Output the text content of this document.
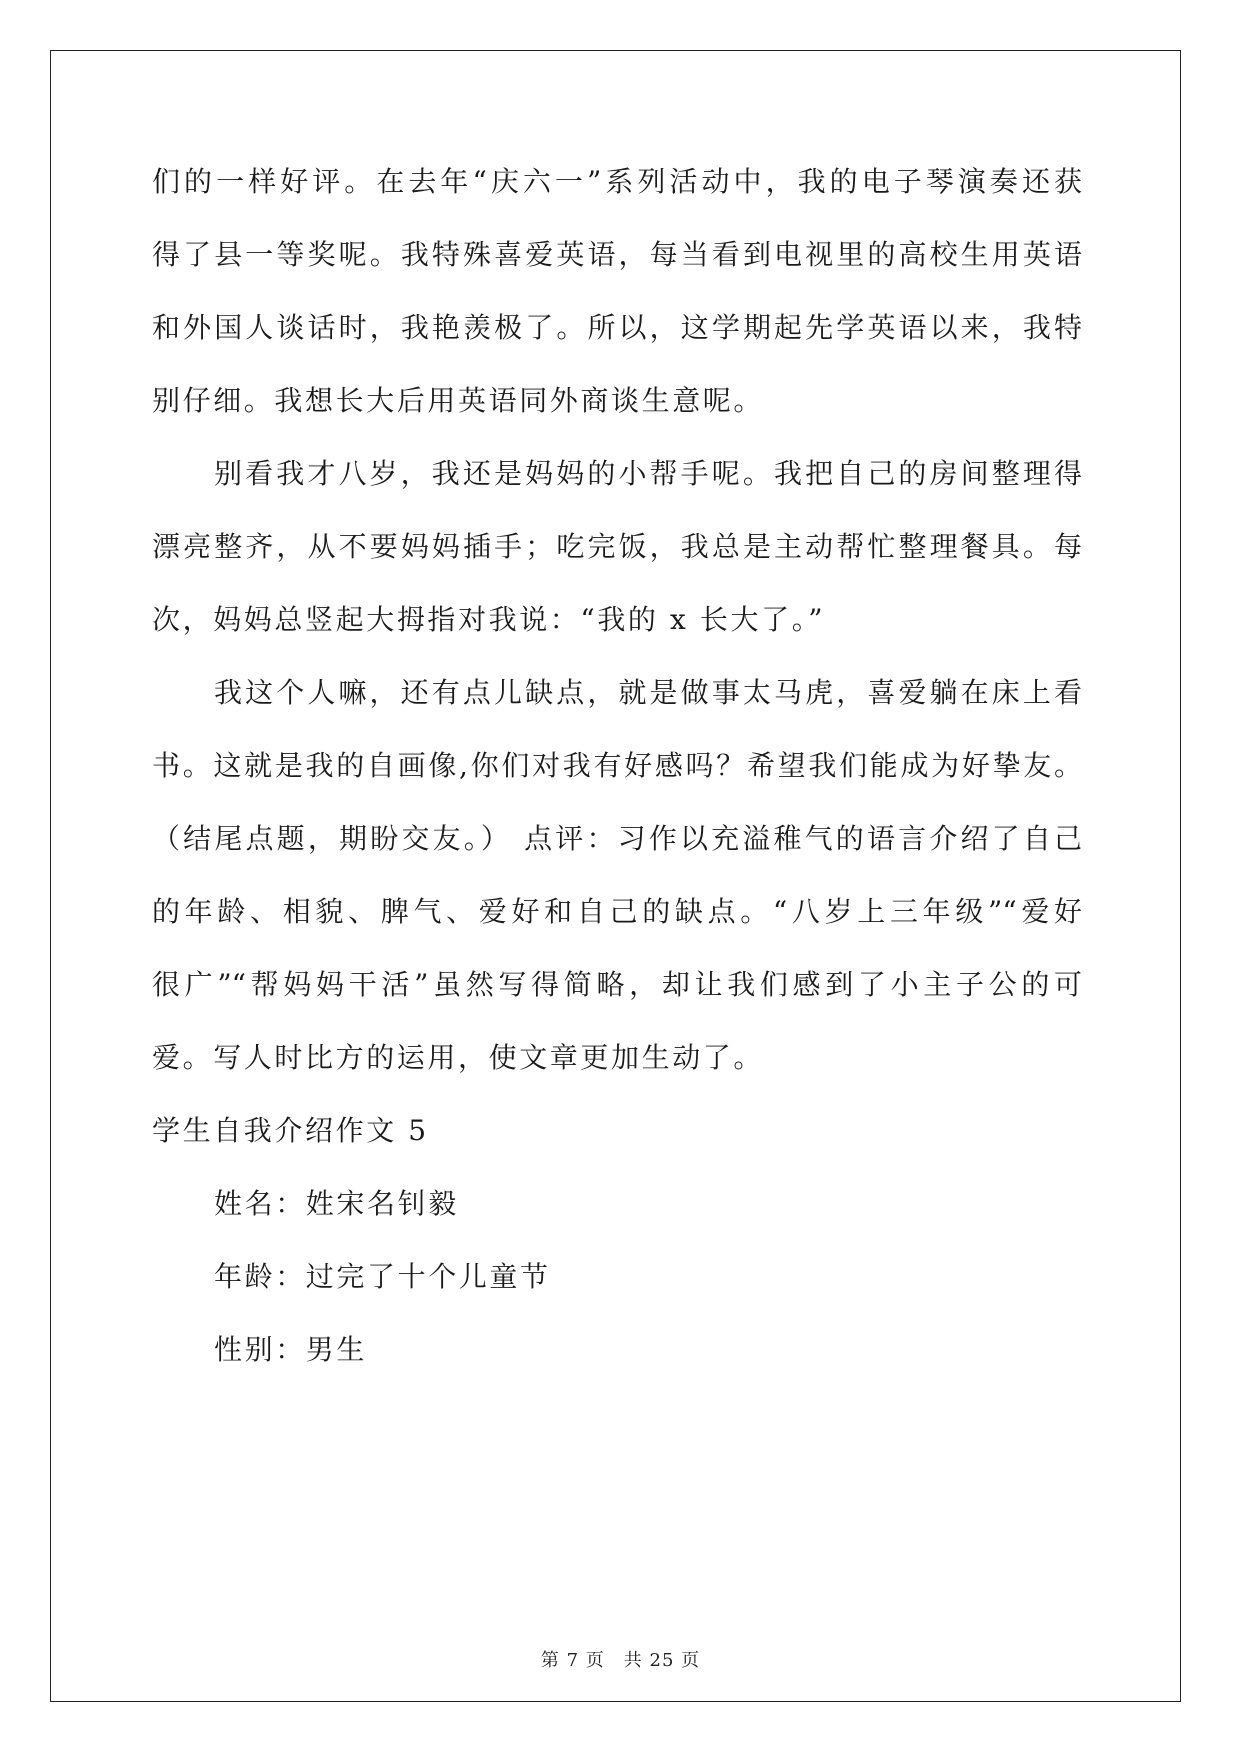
们的一样好评。在去年“庆六一”系列活动中，我的电子琴演奏还获
得了县一等奖呢。我特殊喜爱英语，每当看到电视里的高校生用英语
和外国人谈话时，我艳羡极了。所以，这学期起先学英语以来，我特
别仔细。我想长大后用英语同外商谈生意呢。
别看我才八岁，我还是妈妈的小帮手呢。我把自己的房间整理得
漂亮整齐，从不要妈妈插手；吃完饭，我总是主动帮忙整理餐具。每
次，妈妈总竖起大拇指对我说：“我的 x 长大了。”
我这个人嘛，还有点儿缺点，就是做事太马虎，喜爱躺在床上看
书。这就是我的自画像,你们对我有好感吗？希望我们能成为好挚友。
（结尾点题，期盼交友。） 点评：习作以充溢稚气的语言介绍了自己
的年龄、相貌、脾气、爱好和自己的缺点。“八岁上三年级”“爱好
很广”“帮妈妈干活”虽然写得简略，却让我们感到了小主子公的可
爱。写人时比方的运用，使文章更加生动了。
学生自我介绍作文 5
姓名：姓宋名钊毅
年龄：过完了十个儿童节
性别：男生
第 7 页　共 25 页
